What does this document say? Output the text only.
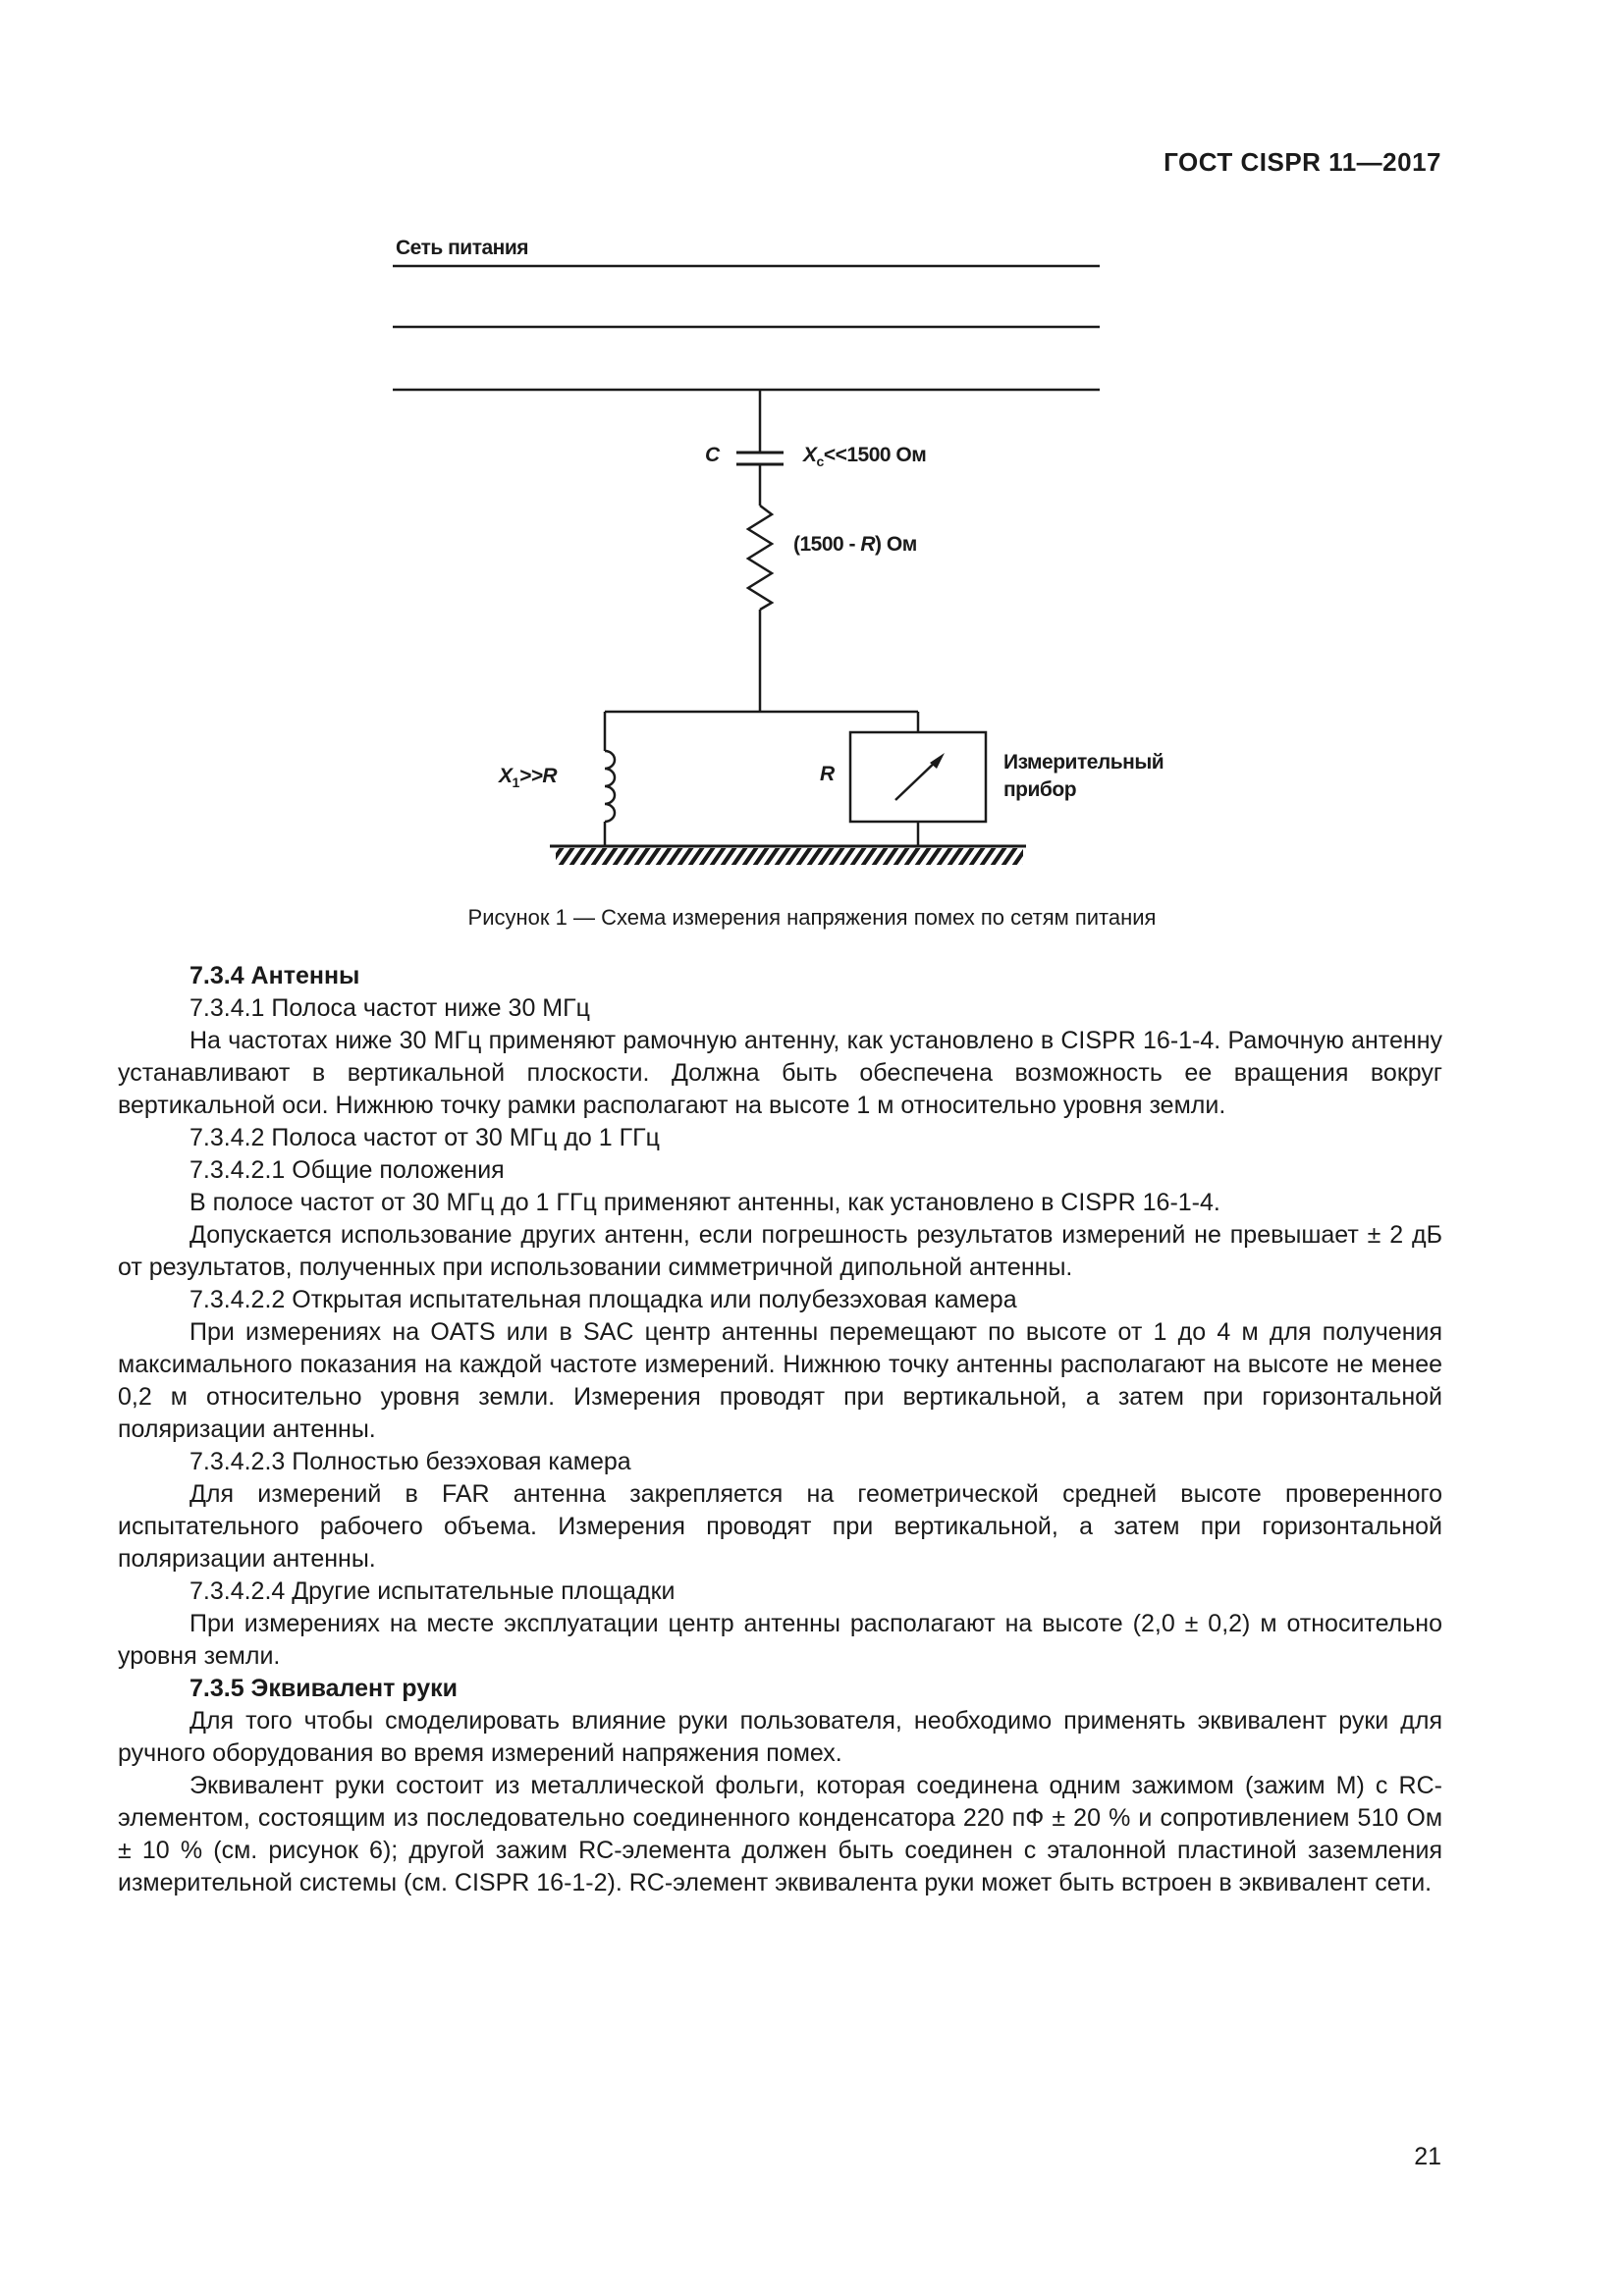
ГОСТ CISPR 11—2017
Сеть питания
С	$X_c<<1500$ Ом
(1500 - R) Ом
$X_1>>R$	R
Измерительный
прибор
Рисунок 1 — Схема измерения напряжения помех по сетям питания

7.3.4 Антенны

7.3.4.1 Полоса частот ниже 30 МГц

На частотах ниже 30 МГц применяют рамочную антенну, как установлено в CISPR 16-1-4. Рамочную антенну устанавливают в вертикальной плоскости. Должна быть обеспечена возможность ее вращения вокруг вертикальной оси. Нижнюю точку рамки располагают на высоте 1 м относительно уровня земли.

7.3.4.2 Полоса частот от 30 МГц до 1 ГГц

7.3.4.2.1 Общие положения

В полосе частот от 30 МГц до 1 ГГц применяют антенны, как установлено в CISPR 16-1-4.

Допускается использование других антенн, если погрешность результатов измерений не превышает ± 2 дБ от результатов, полученных при использовании симметричной дипольной антенны.

7.3.4.2.2 Открытая испытательная площадка или полубезэховая камера

При измерениях на OATS или в SAC центр антенны перемещают по высоте от 1 до 4 м для получения максимального показания на каждой частоте измерений. Нижнюю точку антенны располагают на высоте не менее 0,2 м относительно уровня земли. Измерения проводят при вертикальной, а затем при горизонтальной поляризации антенны.

7.3.4.2.3 Полностью безэховая камера

Для измерений в FAR антенна закрепляется на геометрической средней высоте проверенного испытательного рабочего объема. Измерения проводят при вертикальной, а затем при горизонтальной поляризации антенны.

7.3.4.2.4 Другие испытательные площадки

При измерениях на месте эксплуатации центр антенны располагают на высоте (2,0 ± 0,2) м относительно уровня земли.

7.3.5 Эквивалент руки

Для того чтобы смоделировать влияние руки пользователя, необходимо применять эквивалент руки для ручного оборудования во время измерений напряжения помех.

Эквивалент руки состоит из металлической фольги, которая соединена одним зажимом (зажим М) с RC-элементом, состоящим из последовательно соединенного конденсатора 220 пФ ± 20 % и сопротивлением 510 Ом ± 10 % (см. рисунок 6); другой зажим RC-элемента должен быть соединен с эталонной пластиной заземления измерительной системы (см. CISPR 16-1-2). RC-элемент эквивалента руки может быть встроен в эквивалент сети.

21
